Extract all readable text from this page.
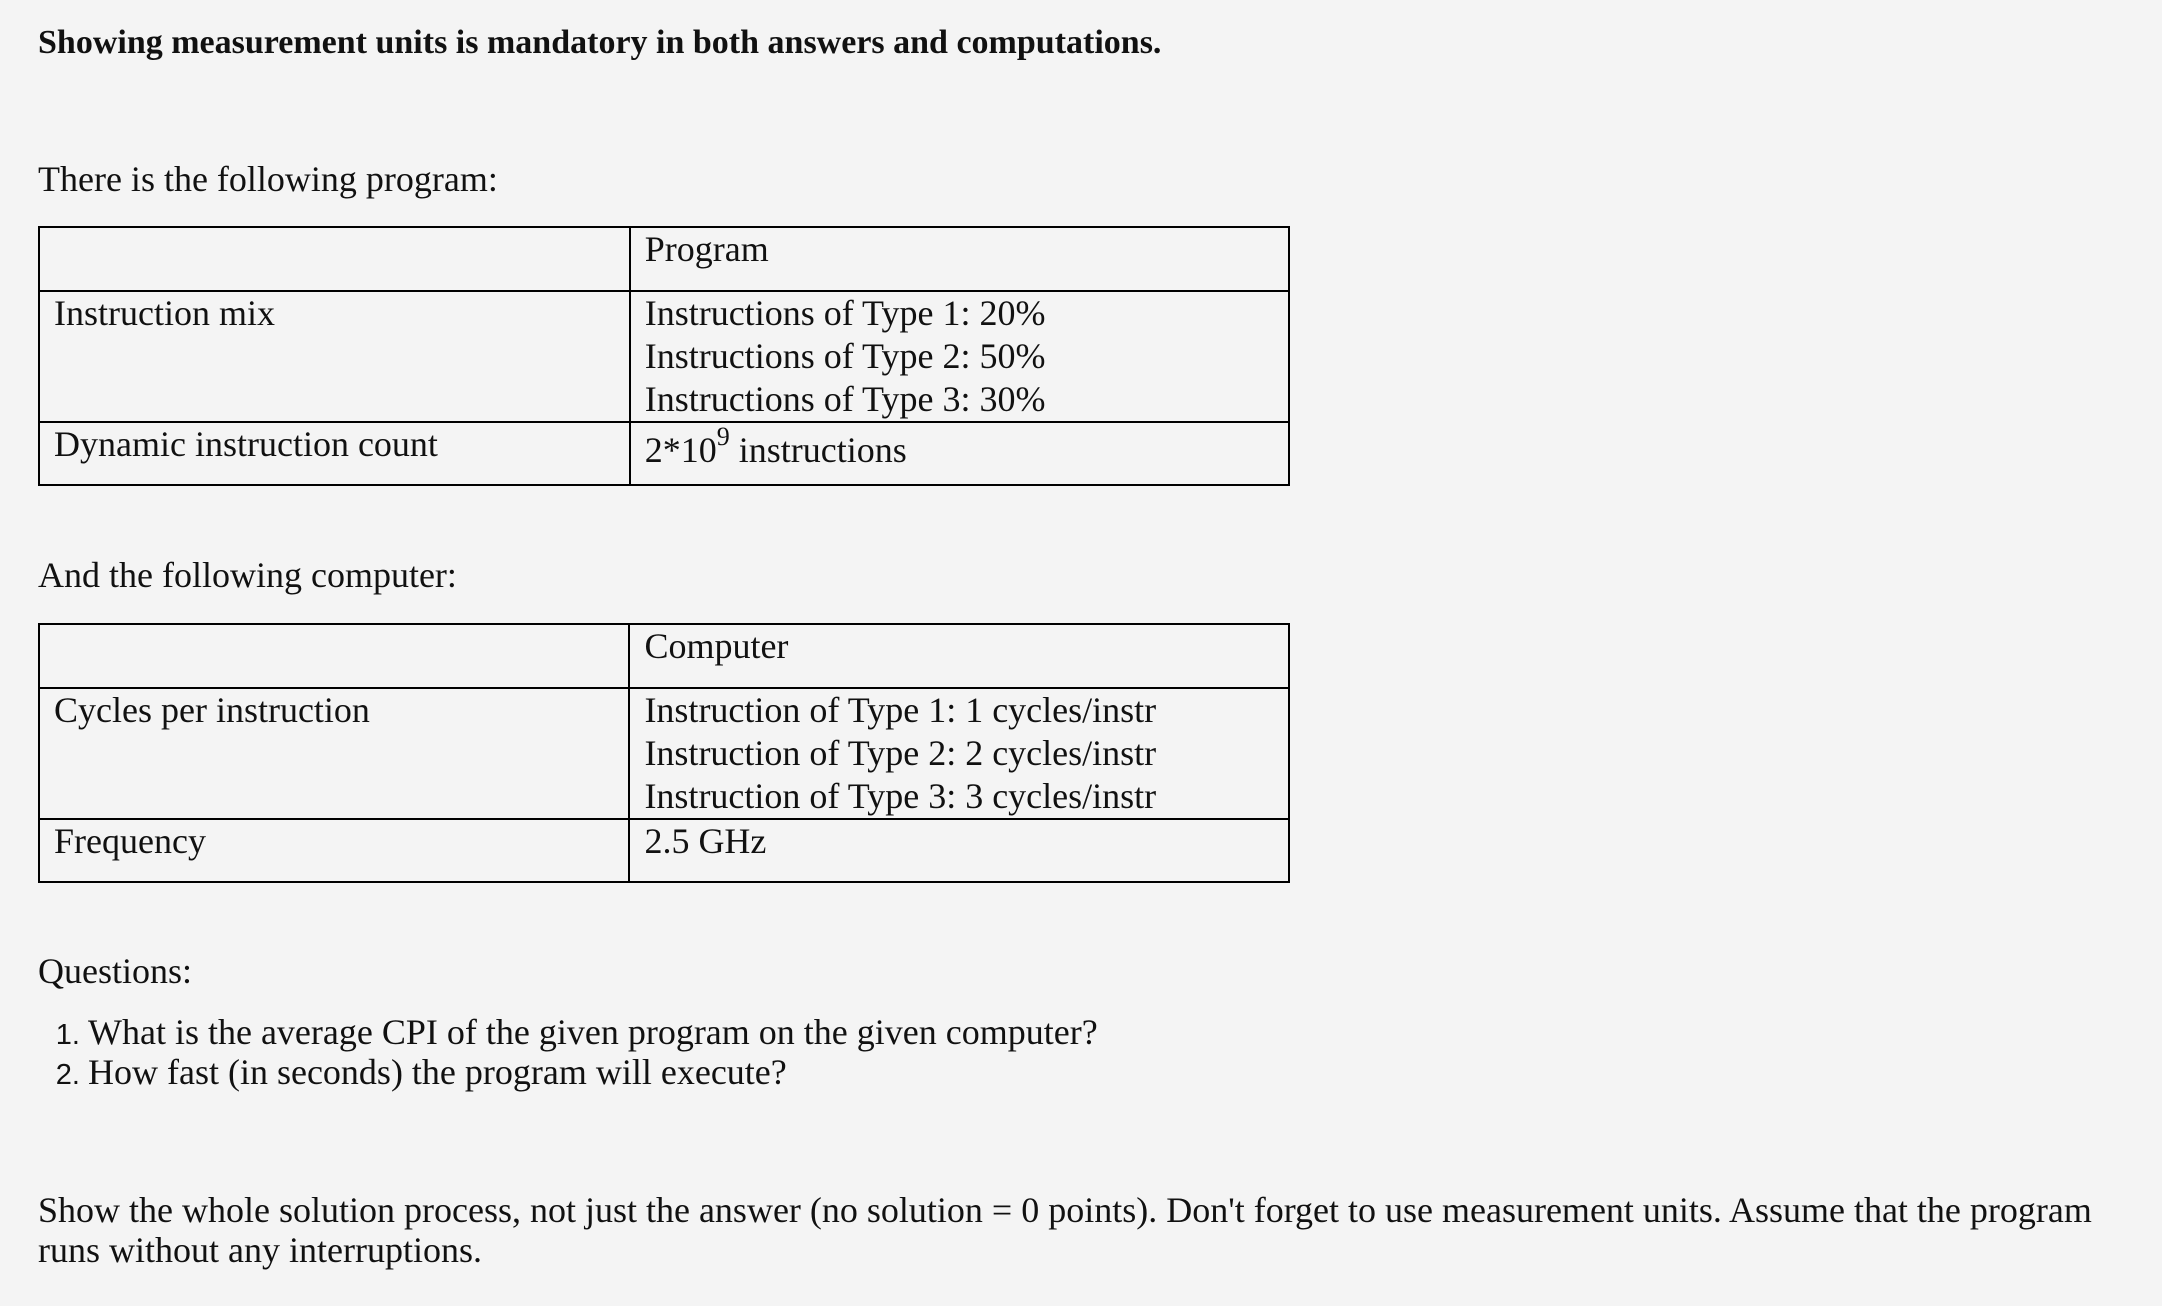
Showing measurement units is mandatory in both answers and computations.
There is the following program:
	Program
Instruction mix	Instructions of Type 1: 20%
Instructions of Type 2: 50%
Instructions of Type 3: 30%

Dynamic instruction count	$2*10^9$ instructions
And the following computer:
	Computer
Cycles per instruction	Instruction of Type 1: 1 cycles/instr
Instruction of Type 2: 2 cycles/instr
Instruction of Type 3: 3 cycles/instr

Frequency	2.5 GHz
Questions:
1. What is the average CPI of the given program on the given computer?
2. How fast (in seconds) the program will execute?
Show the whole solution process, not just the answer (no solution = 0 points). Don't forget to use measurement units. Assume that the program runs without any interruptions.
